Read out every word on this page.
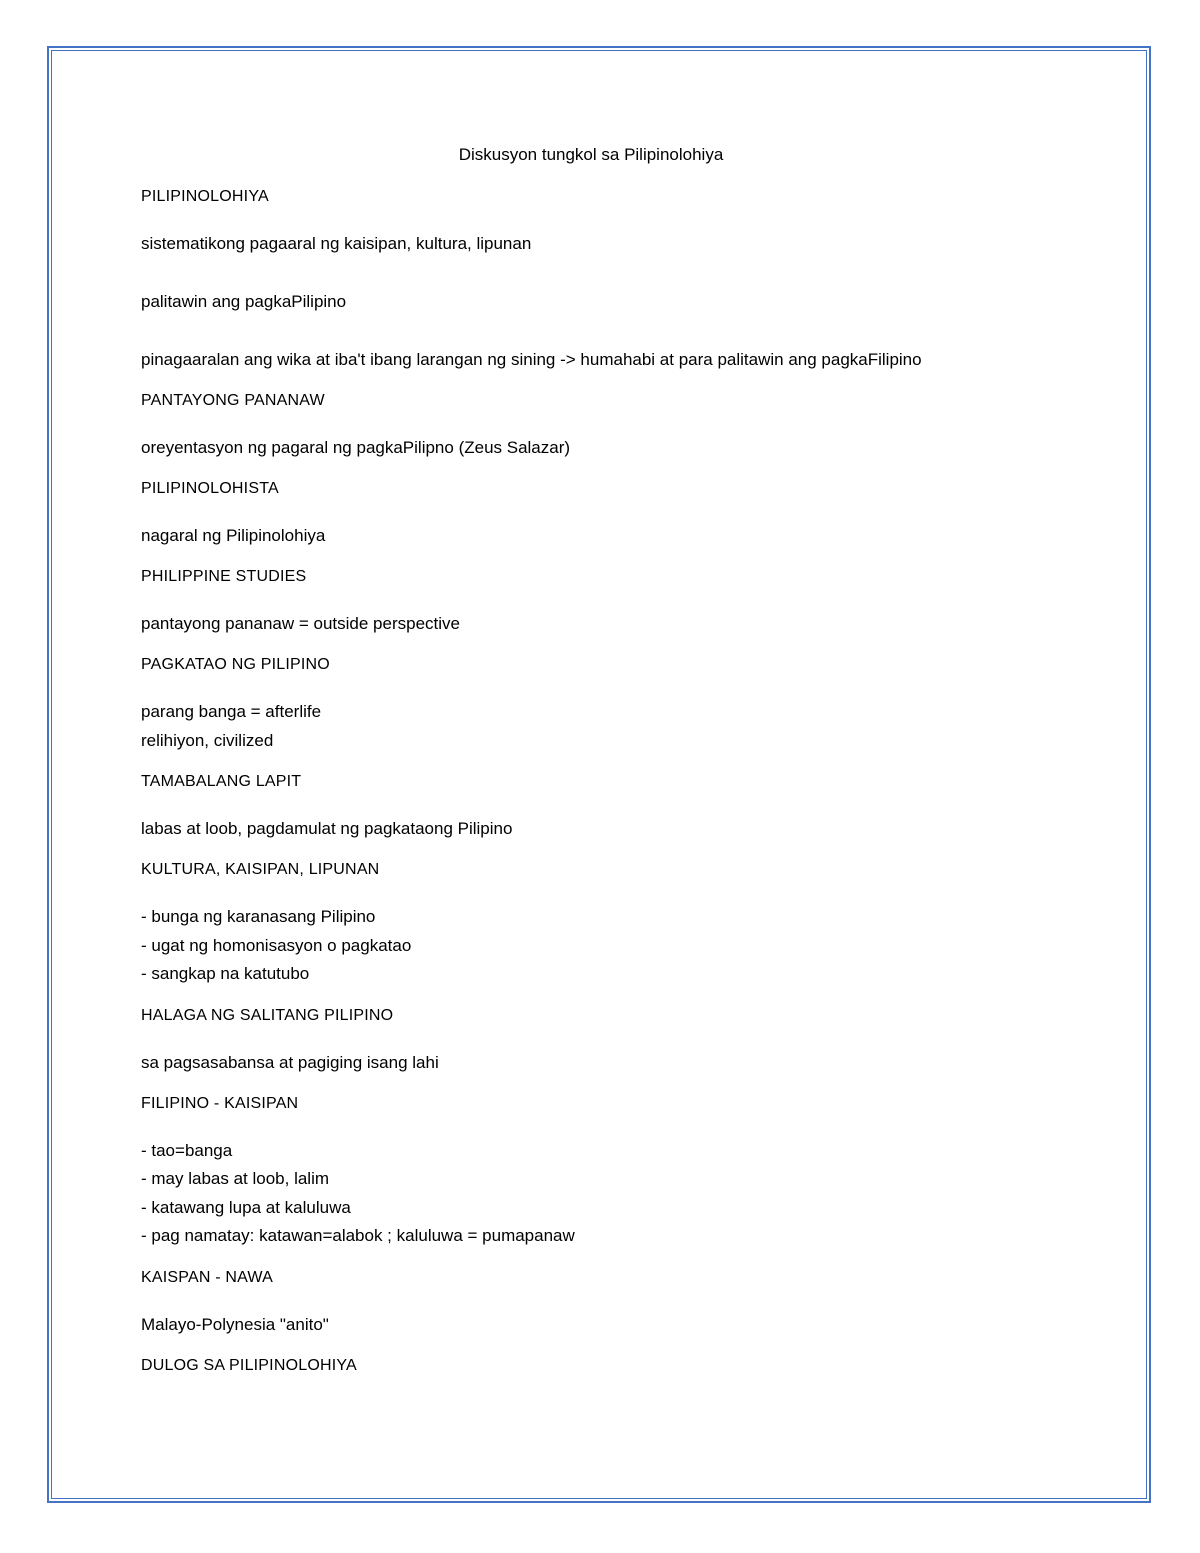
Diskusyon tungkol sa Pilipinolohiya
PILIPINOLOHIYA
sistematikong pagaaral ng kaisipan, kultura, lipunan
palitawin ang pagkaPilipino
pinagaaralan ang wika at iba't ibang larangan ng sining -> humahabi at para palitawin ang pagkaFilipino
PANTAYONG PANANAW
oreyentasyon ng pagaral ng pagkaPilipno (Zeus Salazar)
PILIPINOLOHISTA
nagaral ng Pilipinolohiya
PHILIPPINE STUDIES
pantayong pananaw = outside perspective
PAGKATAO NG PILIPINO
parang banga = afterlife
relihiyon, civilized
TAMABALANG LAPIT
labas at loob, pagdamulat ng pagkataong Pilipino
KULTURA, KAISIPAN, LIPUNAN
- bunga ng karanasang Pilipino
- ugat ng homonisasyon o pagkatao
- sangkap na katutubo
HALAGA NG SALITANG PILIPINO
sa pagsasabansa at pagiging isang lahi
FILIPINO - KAISIPAN
- tao=banga
- may labas at loob, lalim
- katawang lupa at kaluluwa
- pag namatay: katawan=alabok ; kaluluwa = pumapanaw
KAISPAN - NAWA
Malayo-Polynesia "anito"
DULOG SA PILIPINOLOHIYA
